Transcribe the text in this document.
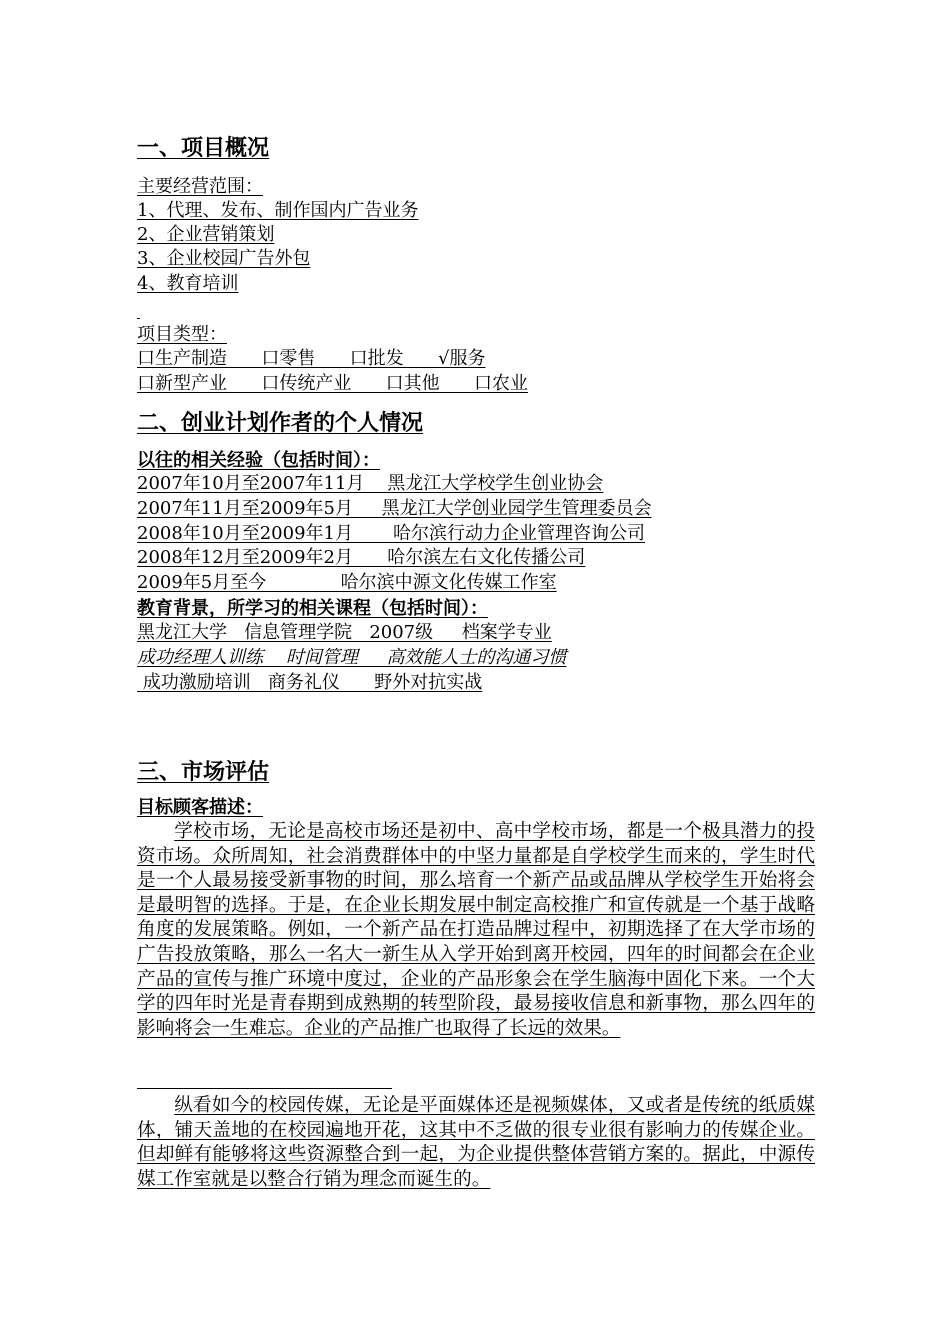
一、项目概况
主要经营范围：
1、代理、发布、制作国内广告业务
2、企业营销策划
3、企业校园广告外包
4、教育培训
项目类型：
口生产制造      口零售      口批发      √服务
口新型产业      口传统产业      口其他      口农业
二、创业计划作者的个人情况
以往的相关经验（包括时间）：
2007年10月至2007年11月    黑龙江大学校学生创业协会
2007年11月至2009年5月     黑龙江大学创业园学生管理委员会
2008年10月至2009年1月       哈尔滨行动力企业管理咨询公司
2008年12月至2009年2月      哈尔滨左右文化传播公司
2009年5月至今             哈尔滨中源文化传媒工作室
教育背景，所学习的相关课程（包括时间）：
黑龙江大学   信息管理学院   2007级     档案学专业
成功经理人训练    时间管理     高效能人士的沟通习惯
成功激励培训   商务礼仪      野外对抗实战
三、市场评估
目标顾客描述：
学校市场，无论是高校市场还是初中、高中学校市场，都是一个极具潜力的投资市场。众所周知，社会消费群体中的中坚力量都是自学校学生而来的，学生时代是一个人最易接受新事物的时间，那么培育一个新产品或品牌从学校学生开始将会是最明智的选择。于是，在企业长期发展中制定高校推广和宣传就是一个基于战略角度的发展策略。例如，一个新产品在打造品牌过程中，初期选择了在大学市场的广告投放策略，那么一名大一新生从入学开始到离开校园，四年的时间都会在企业产品的宣传与推广环境中度过，企业的产品形象会在学生脑海中固化下来。一个大学的四年时光是青春期到成熟期的转型阶段，最易接收信息和新事物，那么四年的影响将会一生难忘。企业的产品推广也取得了长远的效果。
纵看如今的校园传媒，无论是平面媒体还是视频媒体，又或者是传统的纸质媒体，铺天盖地的在校园遍地开花，这其中不乏做的很专业很有影响力的传媒企业。但却鲜有能够将这些资源整合到一起，为企业提供整体营销方案的。据此，中源传媒工作室就是以整合行销为理念而诞生的。
